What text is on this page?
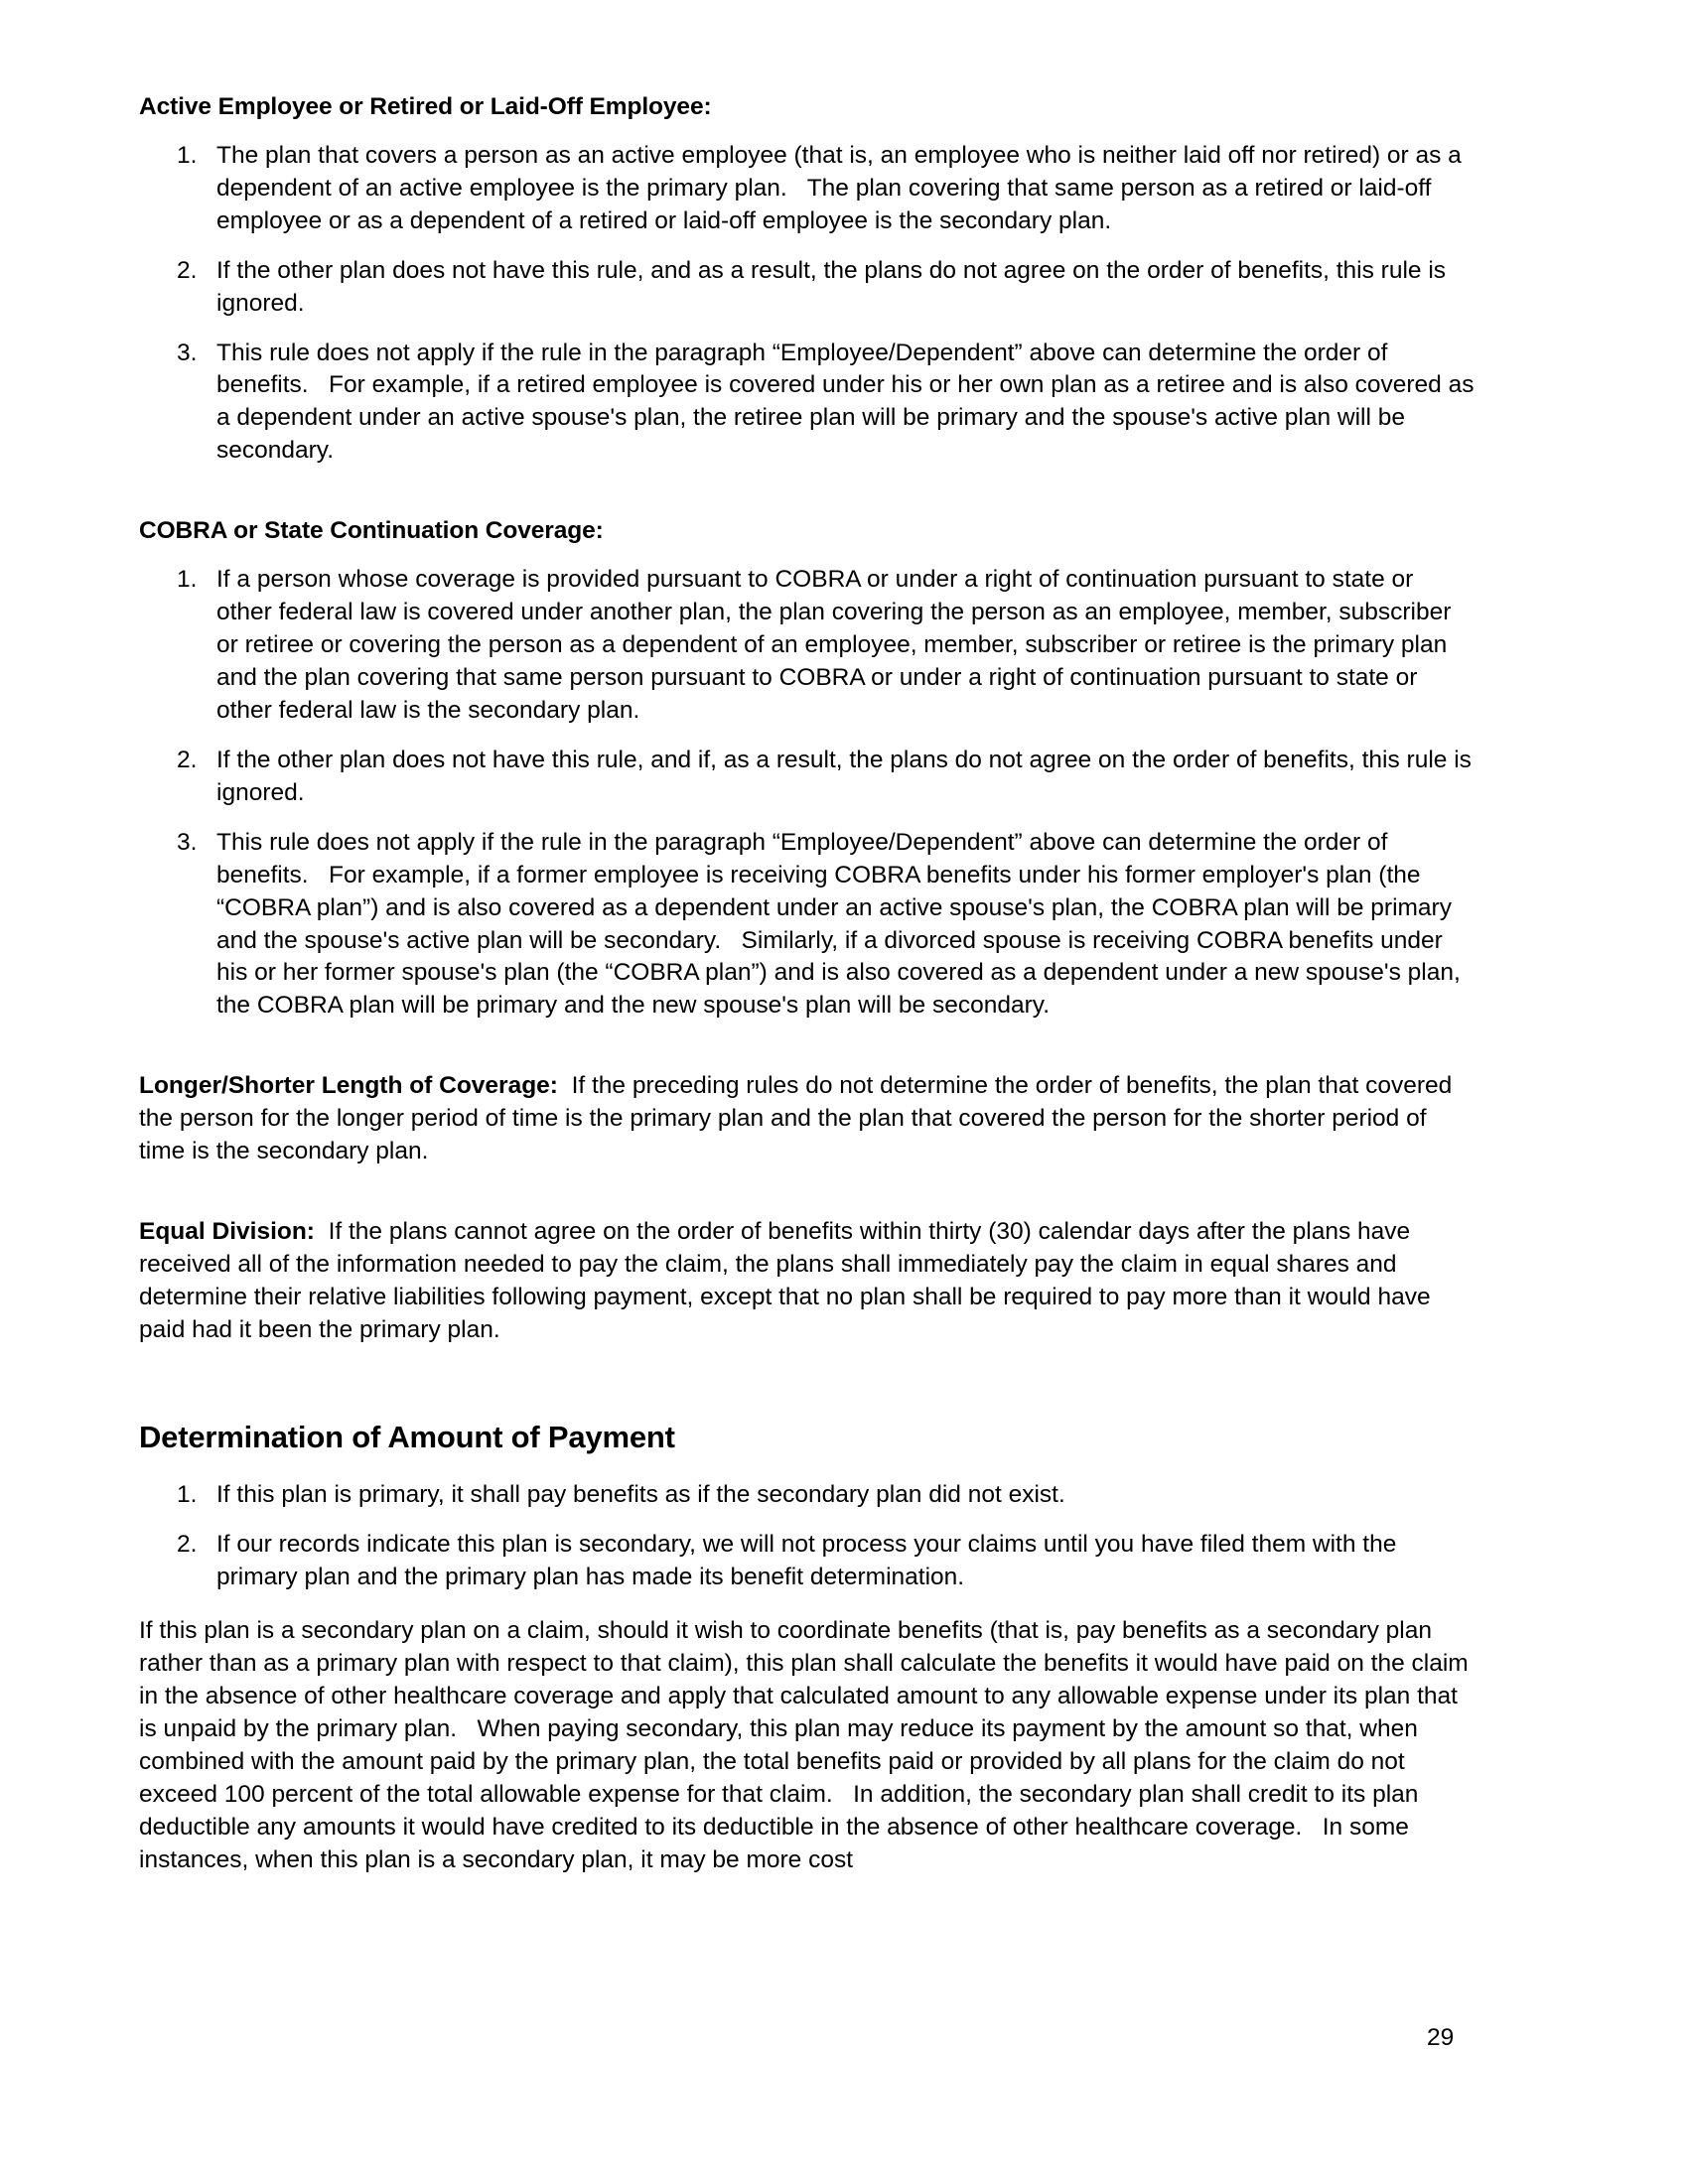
Active Employee or Retired or Laid-Off Employee:
1. The plan that covers a person as an active employee (that is, an employee who is neither laid off nor retired) or as a dependent of an active employee is the primary plan.   The plan covering that same person as a retired or laid-off employee or as a dependent of a retired or laid-off employee is the secondary plan.
2. If the other plan does not have this rule, and as a result, the plans do not agree on the order of benefits, this rule is ignored.
3. This rule does not apply if the rule in the paragraph “Employee/Dependent” above can determine the order of benefits.   For example, if a retired employee is covered under his or her own plan as a retiree and is also covered as a dependent under an active spouse's plan, the retiree plan will be primary and the spouse's active plan will be secondary.
COBRA or State Continuation Coverage:
1. If a person whose coverage is provided pursuant to COBRA or under a right of continuation pursuant to state or other federal law is covered under another plan, the plan covering the person as an employee, member, subscriber or retiree or covering the person as a dependent of an employee, member, subscriber or retiree is the primary plan and the plan covering that same person pursuant to COBRA or under a right of continuation pursuant to state or other federal law is the secondary plan.
2. If the other plan does not have this rule, and if, as a result, the plans do not agree on the order of benefits, this rule is ignored.
3. This rule does not apply if the rule in the paragraph “Employee/Dependent” above can determine the order of benefits.   For example, if a former employee is receiving COBRA benefits under his former employer's plan (the “COBRA plan”) and is also covered as a dependent under an active spouse's plan, the COBRA plan will be primary and the spouse's active plan will be secondary.   Similarly, if a divorced spouse is receiving COBRA benefits under his or her former spouse's plan (the “COBRA plan”) and is also covered as a dependent under a new spouse's plan, the COBRA plan will be primary and the new spouse's plan will be secondary.

Longer/Shorter Length of Coverage:  If the preceding rules do not determine the order of benefits, the plan that covered the person for the longer period of time is the primary plan and the plan that covered the person for the shorter period of time is the secondary plan.

Equal Division:  If the plans cannot agree on the order of benefits within thirty (30) calendar days after the plans have received all of the information needed to pay the claim, the plans shall immediately pay the claim in equal shares and determine their relative liabilities following payment, except that no plan shall be required to pay more than it would have paid had it been the primary plan.

Determination of Amount of Payment
1. If this plan is primary, it shall pay benefits as if the secondary plan did not exist.
2. If our records indicate this plan is secondary, we will not process your claims until you have filed them with the primary plan and the primary plan has made its benefit determination.

If this plan is a secondary plan on a claim, should it wish to coordinate benefits (that is, pay benefits as a secondary plan rather than as a primary plan with respect to that claim), this plan shall calculate the benefits it would have paid on the claim in the absence of other healthcare coverage and apply that calculated amount to any allowable expense under its plan that is unpaid by the primary plan.   When paying secondary, this plan may reduce its payment by the amount so that, when combined with the amount paid by the primary plan, the total benefits paid or provided by all plans for the claim do not exceed 100 percent of the total allowable expense for that claim.   In addition, the secondary plan shall credit to its plan deductible any amounts it would have credited to its deductible in the absence of other healthcare coverage.   In some instances, when this plan is a secondary plan, it may be more cost

29
